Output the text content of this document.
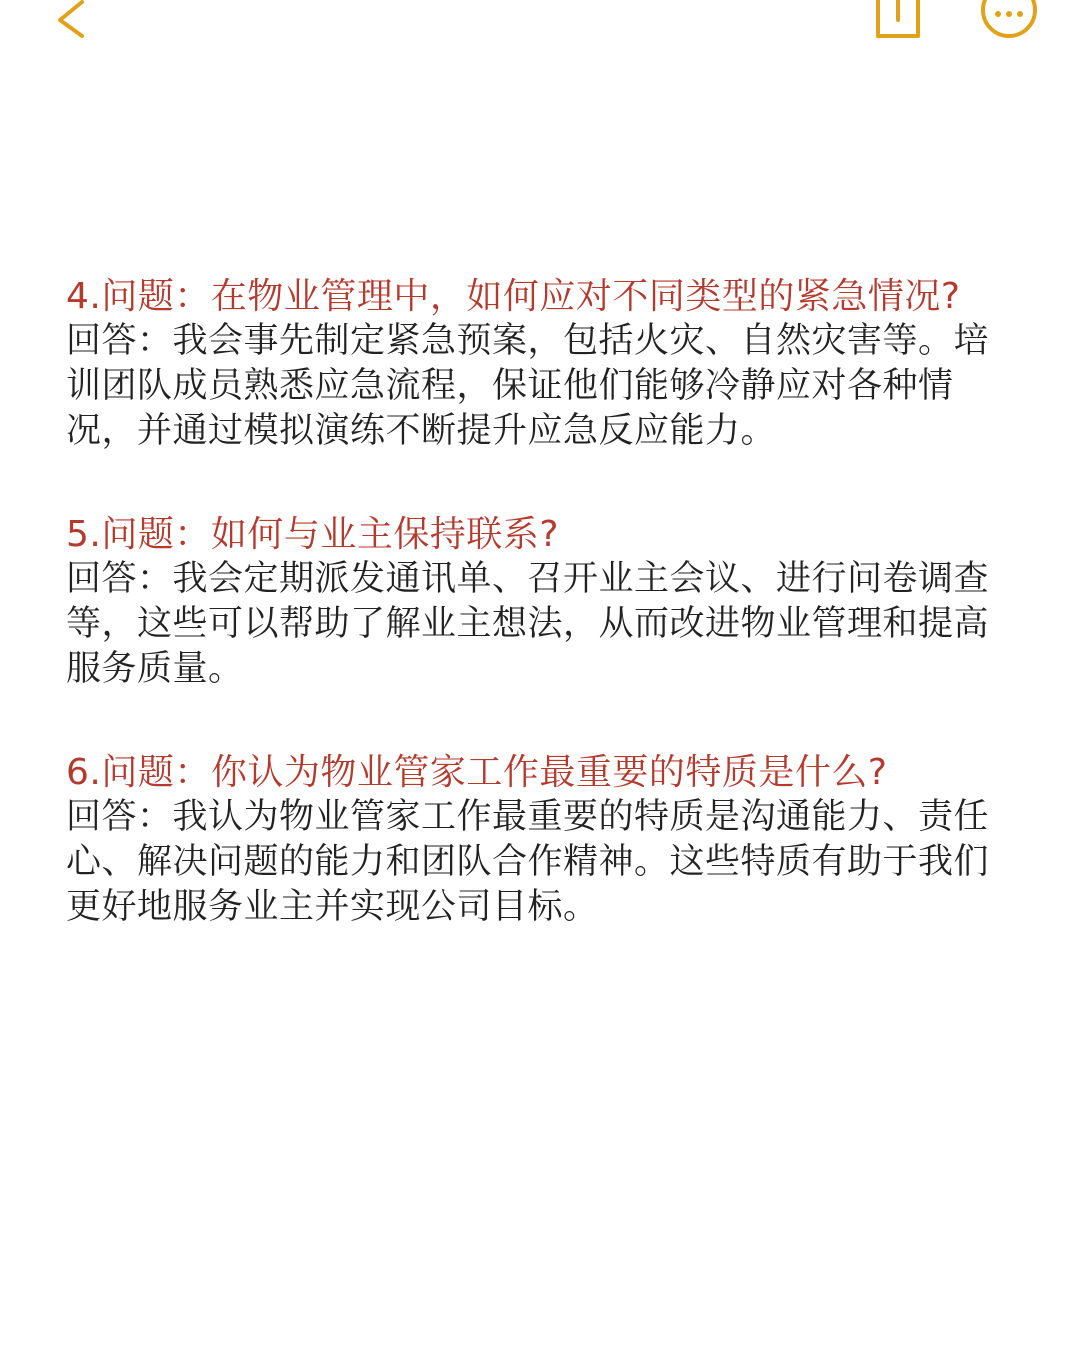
4.问题：在物业管理中，如何应对不同类型的紧急情况?

回答：我会事先制定紧急预案，包括火灾、自然灾害等。培训团队成员熟悉应急流程，保证他们能够冷静应对各种情况，并通过模拟演练不断提升应急反应能力。

5.问题：如何与业主保持联系?

回答：我会定期派发通讯单、召开业主会议、进行问卷调查等，这些可以帮助了解业主想法，从而改进物业管理和提高服务质量。

6.问题：你认为物业管家工作最重要的特质是什么?

回答：我认为物业管家工作最重要的特质是沟通能力、责任心、解决问题的能力和团队合作精神。这些特质有助于我们更好地服务业主并实现公司目标。
